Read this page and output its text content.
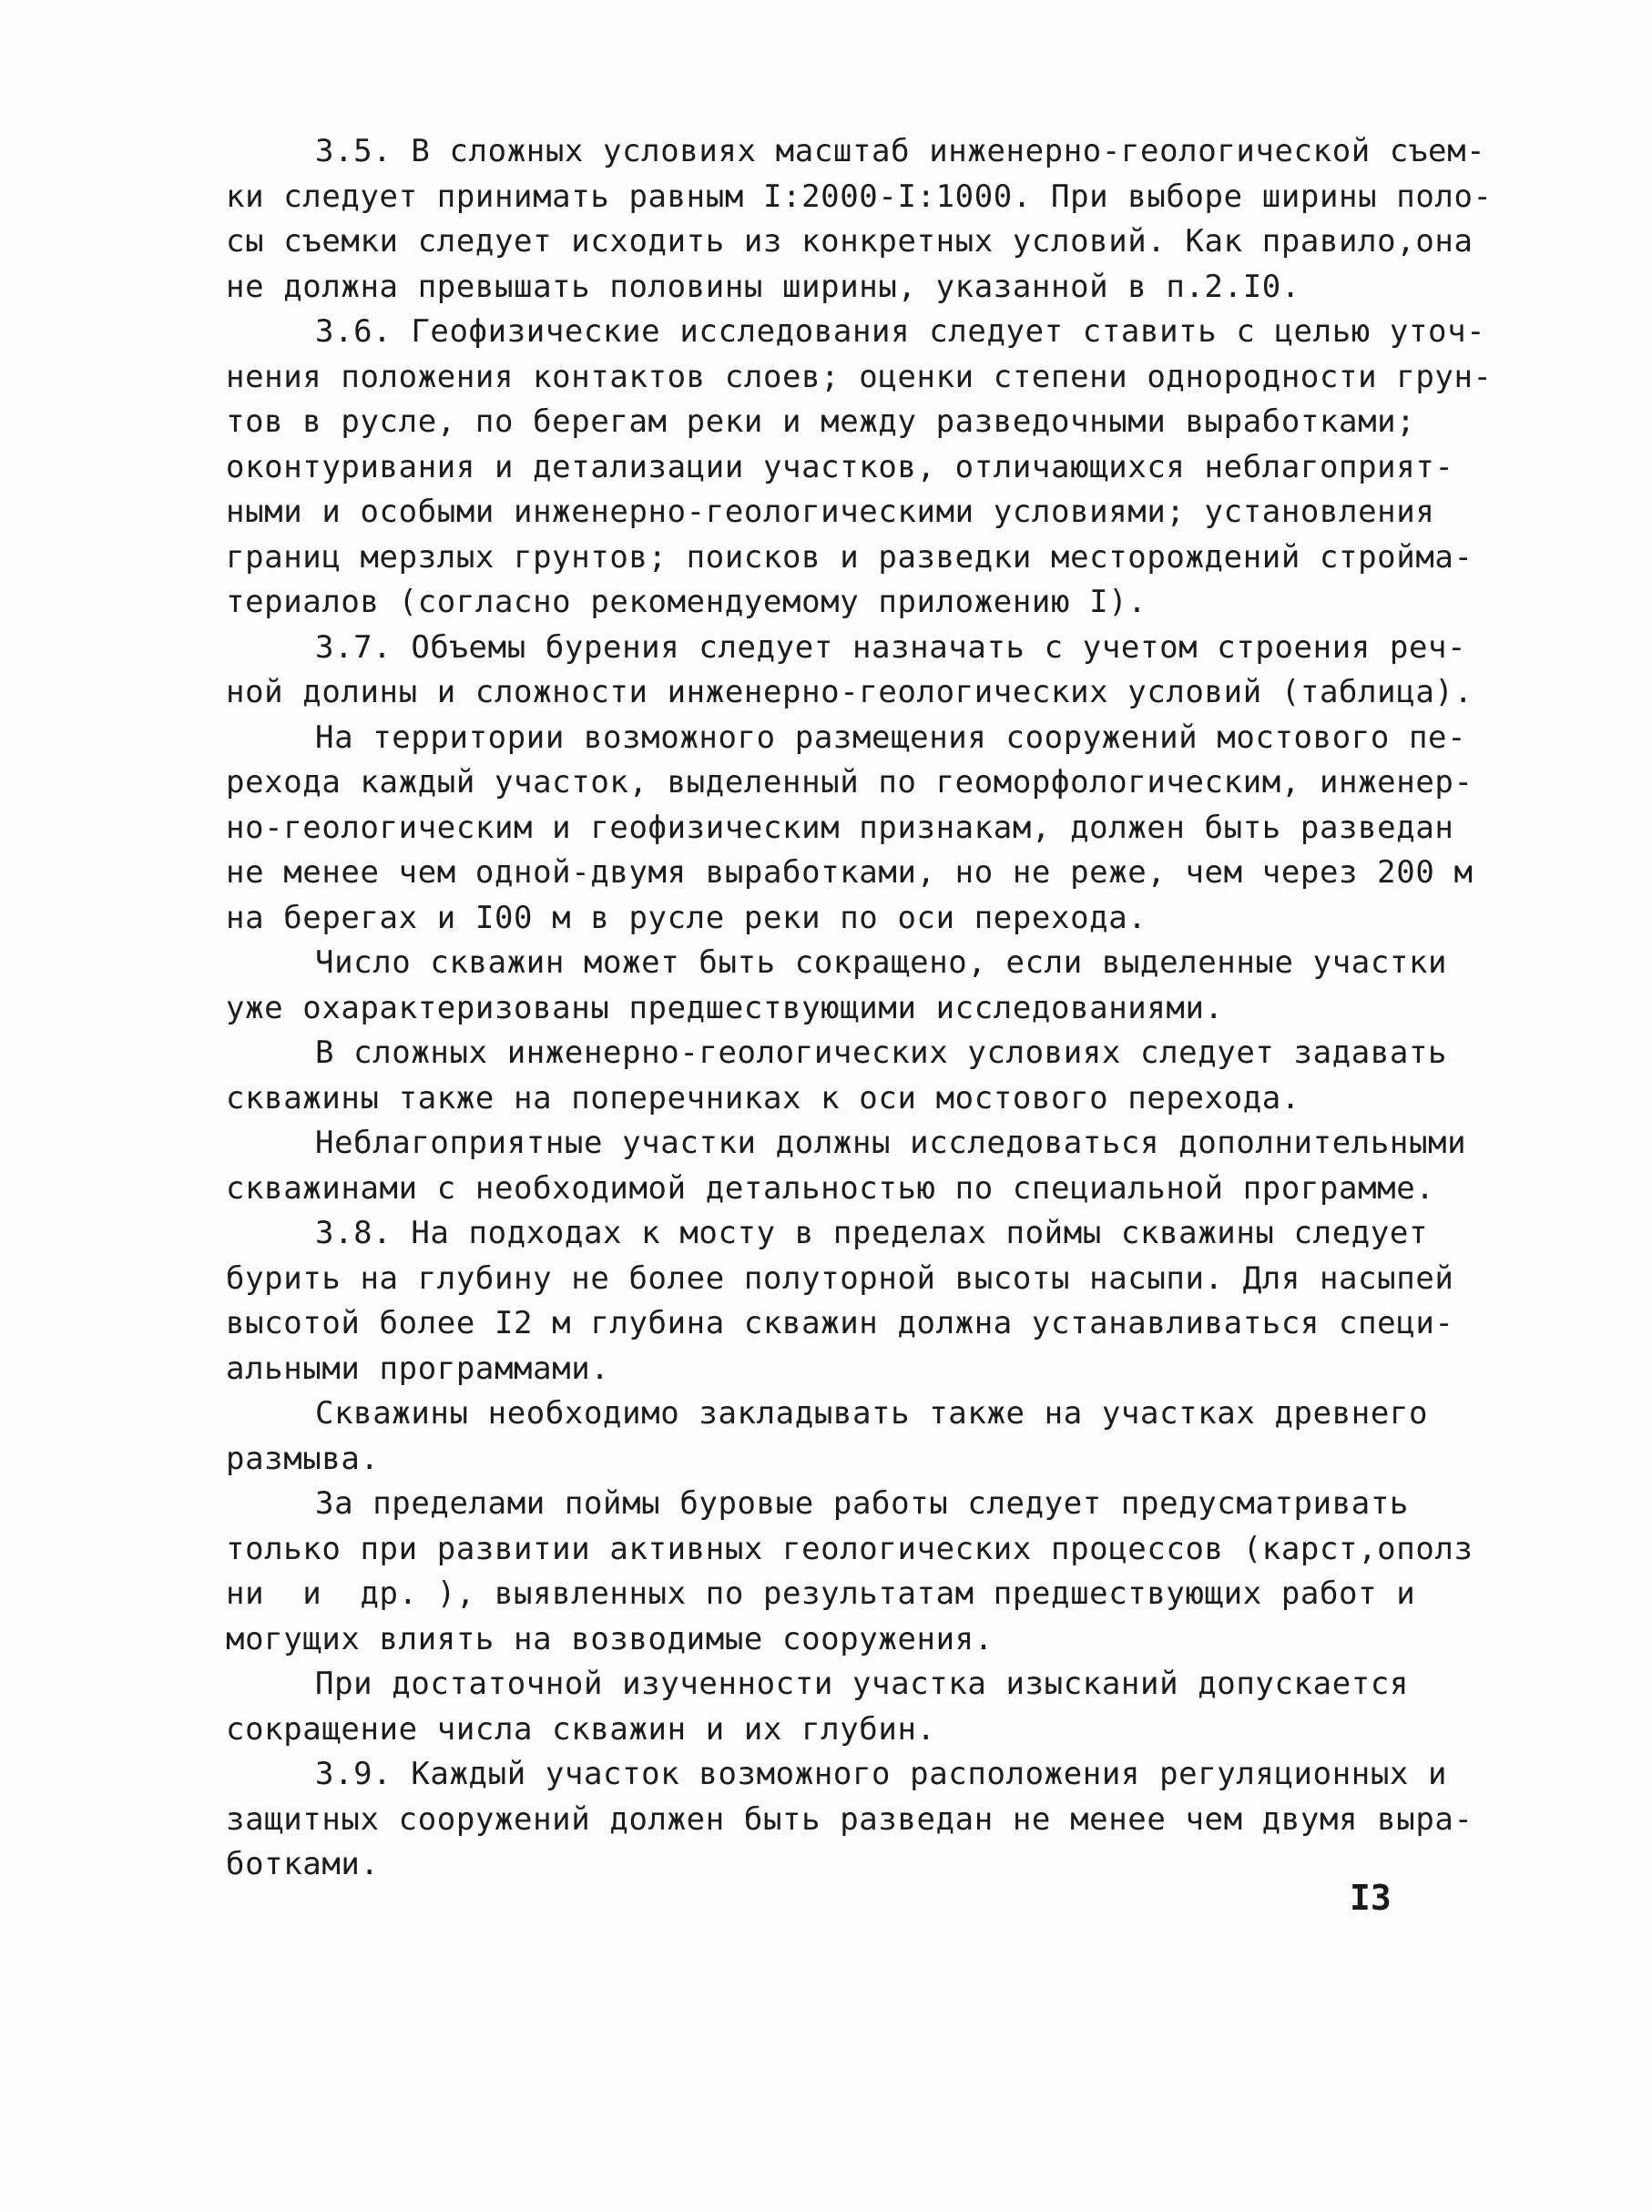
3.5. В сложных условиях масштаб инженерно-геологической съем-
ки следует принимать равным I:2000-I:1000. При выборе ширины поло-
сы съемки следует исходить из конкретных условий. Как правило,она
не должна превышать половины ширины, указанной в п.2.I0.
3.6. Геофизические исследования следует ставить с целью уточ-
нения положения контактов слоев; оценки степени однородности грун-
тов в русле, по берегам реки и между разведочными выработками;
оконтуривания и детализации участков, отличающихся неблагоприят-
ными и особыми инженерно-геологическими условиями; установления
границ мерзлых грунтов; поисков и разведки месторождений стройма-
териалов (согласно рекомендуемому приложению I).
3.7. Объемы бурения следует назначать с учетом строения реч-
ной долины и сложности инженерно-геологических условий (таблица).
На территории возможного размещения сооружений мостового пе-
рехода каждый участок, выделенный по геоморфологическим, инженер-
но-геологическим и геофизическим признакам, должен быть разведан
не менее чем одной-двумя выработками, но не реже, чем через 200 м
на берегах и I00 м в русле реки по оси перехода.
Число скважин может быть сокращено, если выделенные участки
уже охарактеризованы предшествующими исследованиями.
В сложных инженерно-геологических условиях следует задавать
скважины также на поперечниках к оси мостового перехода.
Неблагоприятные участки должны исследоваться дополнительными
скважинами с необходимой детальностью по специальной программе.
3.8. На подходах к мосту в пределах поймы скважины следует
бурить на глубину не более полуторной высоты насыпи. Для насыпей
высотой более I2 м глубина скважин должна устанавливаться специ-
альными программами.
Скважины необходимо закладывать также на участках древнего
размыва.
За пределами поймы буровые работы следует предусматривать
только при развитии активных геологических процессов (карст,ополз
ни  и  др. ), выявленных по результатам предшествующих работ и
могущих влиять на возводимые сооружения.
При достаточной изученности участка изысканий допускается
сокращение числа скважин и их глубин.
3.9. Каждый участок возможного расположения регуляционных и
защитных сооружений должен быть разведан не менее чем двумя выра-
ботками.
I3
